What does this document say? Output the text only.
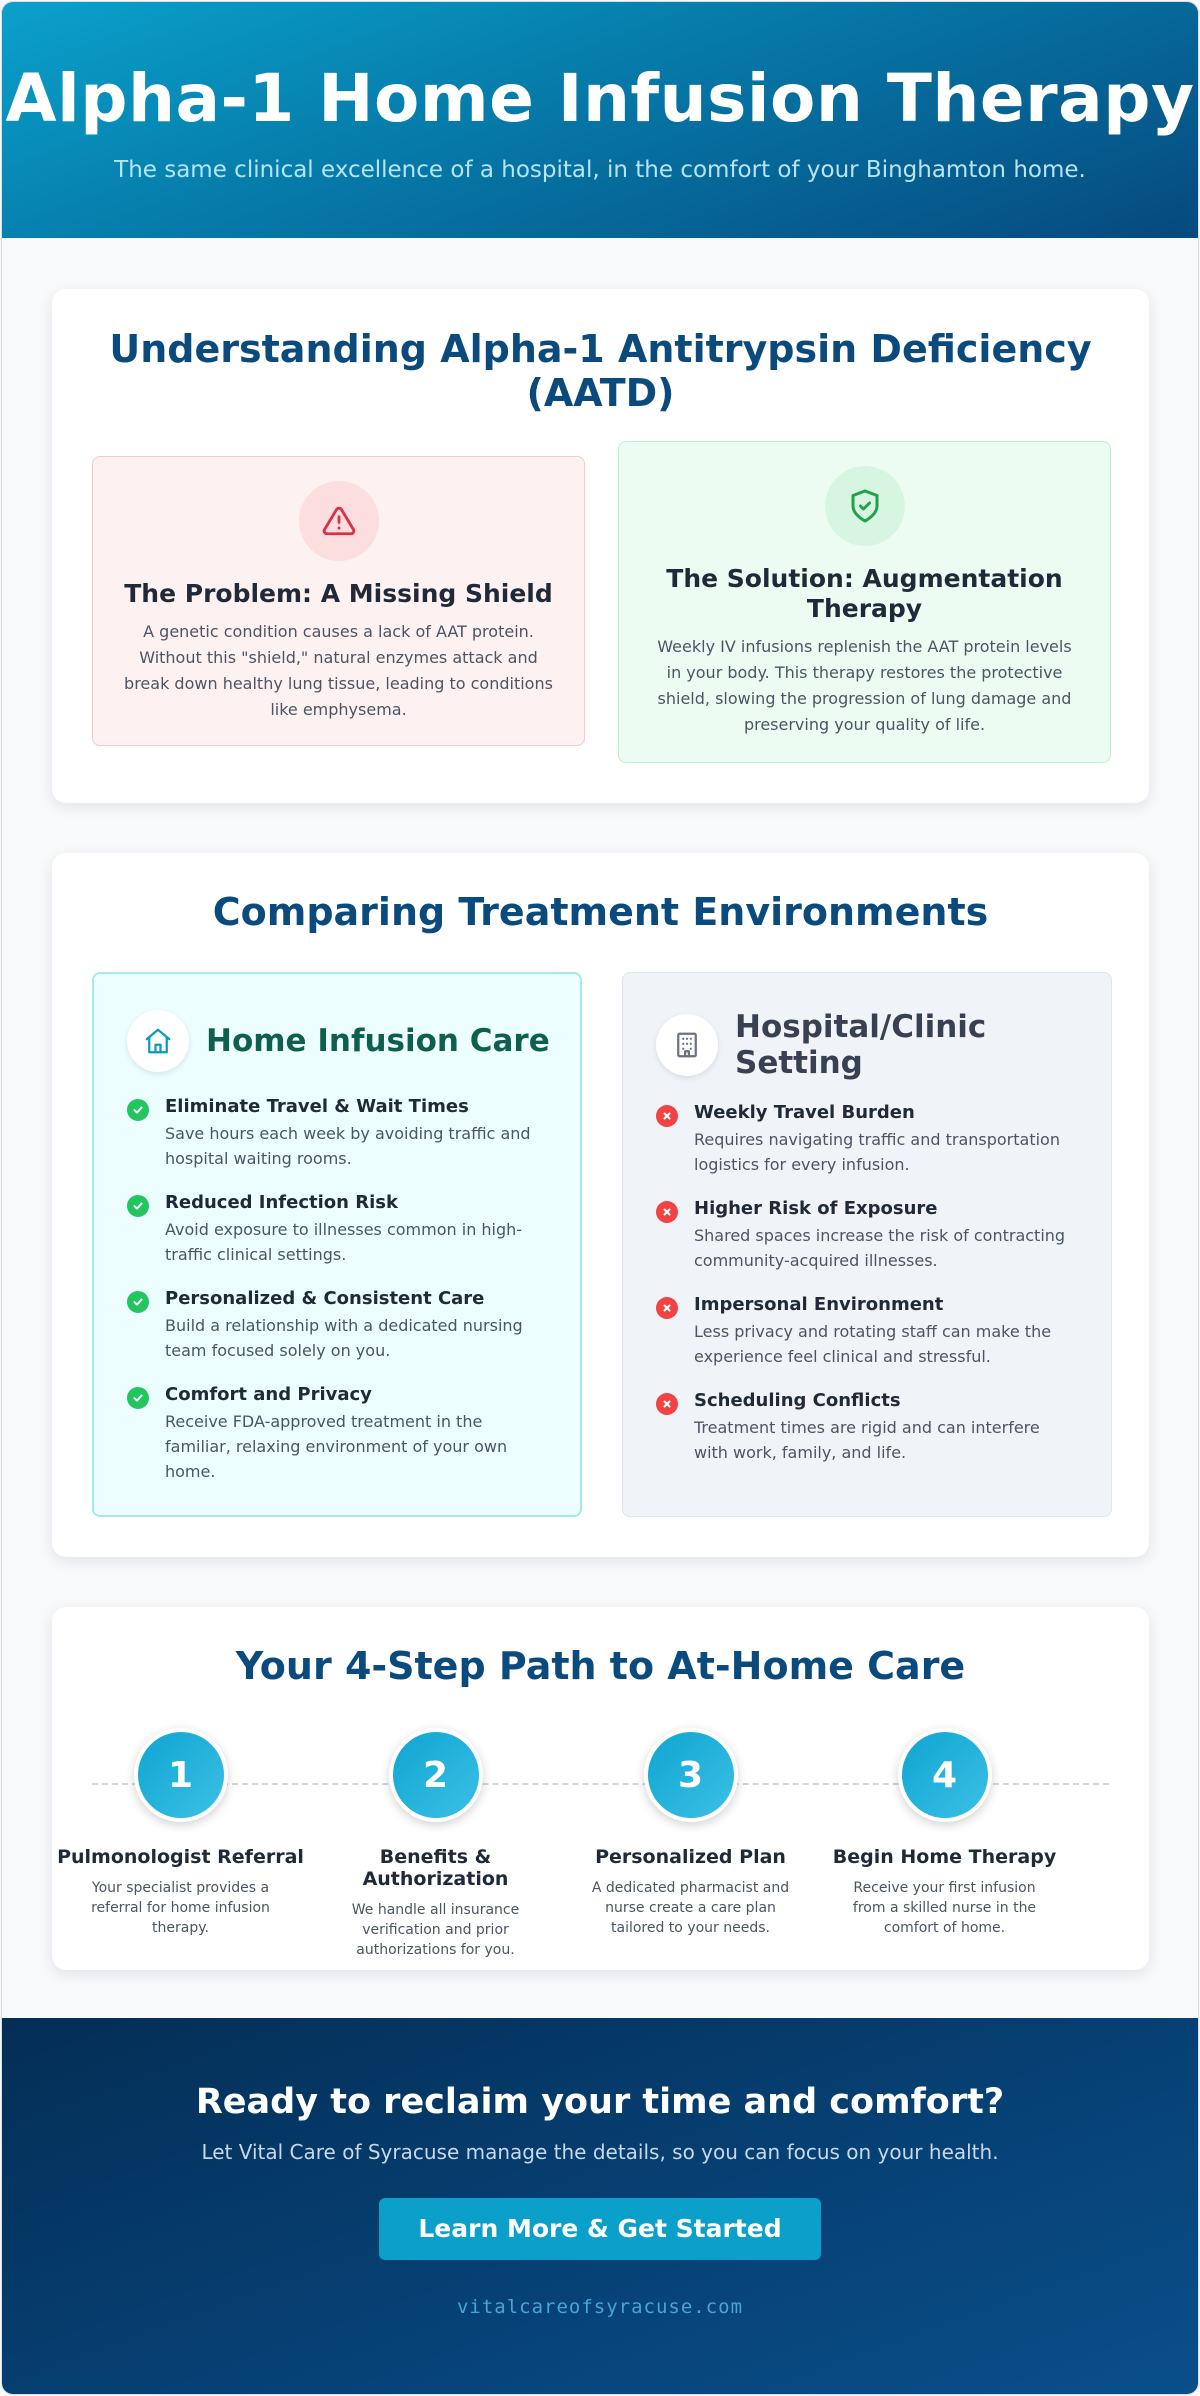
Alpha-1 Home Infusion Therapy

The same clinical excellence of a hospital, in the comfort of your Binghamton home.

Understanding Alpha-1 Antitrypsin Deficiency (AATD)
The Problem: A Missing Shield
A genetic condition causes a lack of AAT protein. Without this "shield," natural enzymes attack and break down healthy lung tissue, leading to conditions like emphysema.
The Solution: Augmentation Therapy
Weekly IV infusions replenish the AAT protein levels in your body. This therapy restores the protective shield, slowing the progression of lung damage and preserving your quality of life.
Comparing Treatment Environments
Home Infusion Care
Eliminate Travel & Wait Times
Save hours each week by avoiding traffic and hospital waiting rooms.
Reduced Infection Risk
Avoid exposure to illnesses common in high-traffic clinical settings.
Personalized & Consistent Care
Build a relationship with a dedicated nursing team focused solely on you.
Comfort and Privacy
Receive FDA-approved treatment in the familiar, relaxing environment of your own home.
Hospital/Clinic Setting
Weekly Travel Burden
Requires navigating traffic and transportation logistics for every infusion.
Higher Risk of Exposure
Shared spaces increase the risk of contracting community-acquired illnesses.
Impersonal Environment
Less privacy and rotating staff can make the experience feel clinical and stressful.
Scheduling Conflicts
Treatment times are rigid and can interfere with work, family, and life.
Your 4-Step Path to At-Home Care
1
Pulmonologist Referral
Your specialist provides a referral for home infusion therapy.
2
Benefits & Authorization
We handle all insurance verification and prior authorizations for you.
3
Personalized Plan
A dedicated pharmacist and nurse create a care plan tailored to your needs.
4
Begin Home Therapy
Receive your first infusion from a skilled nurse in the comfort of home.
Ready to reclaim your time and comfort?

Let Vital Care of Syracuse manage the details, so you can focus on your health.

Learn More & Get Started
vitalcareofsyracuse.com
